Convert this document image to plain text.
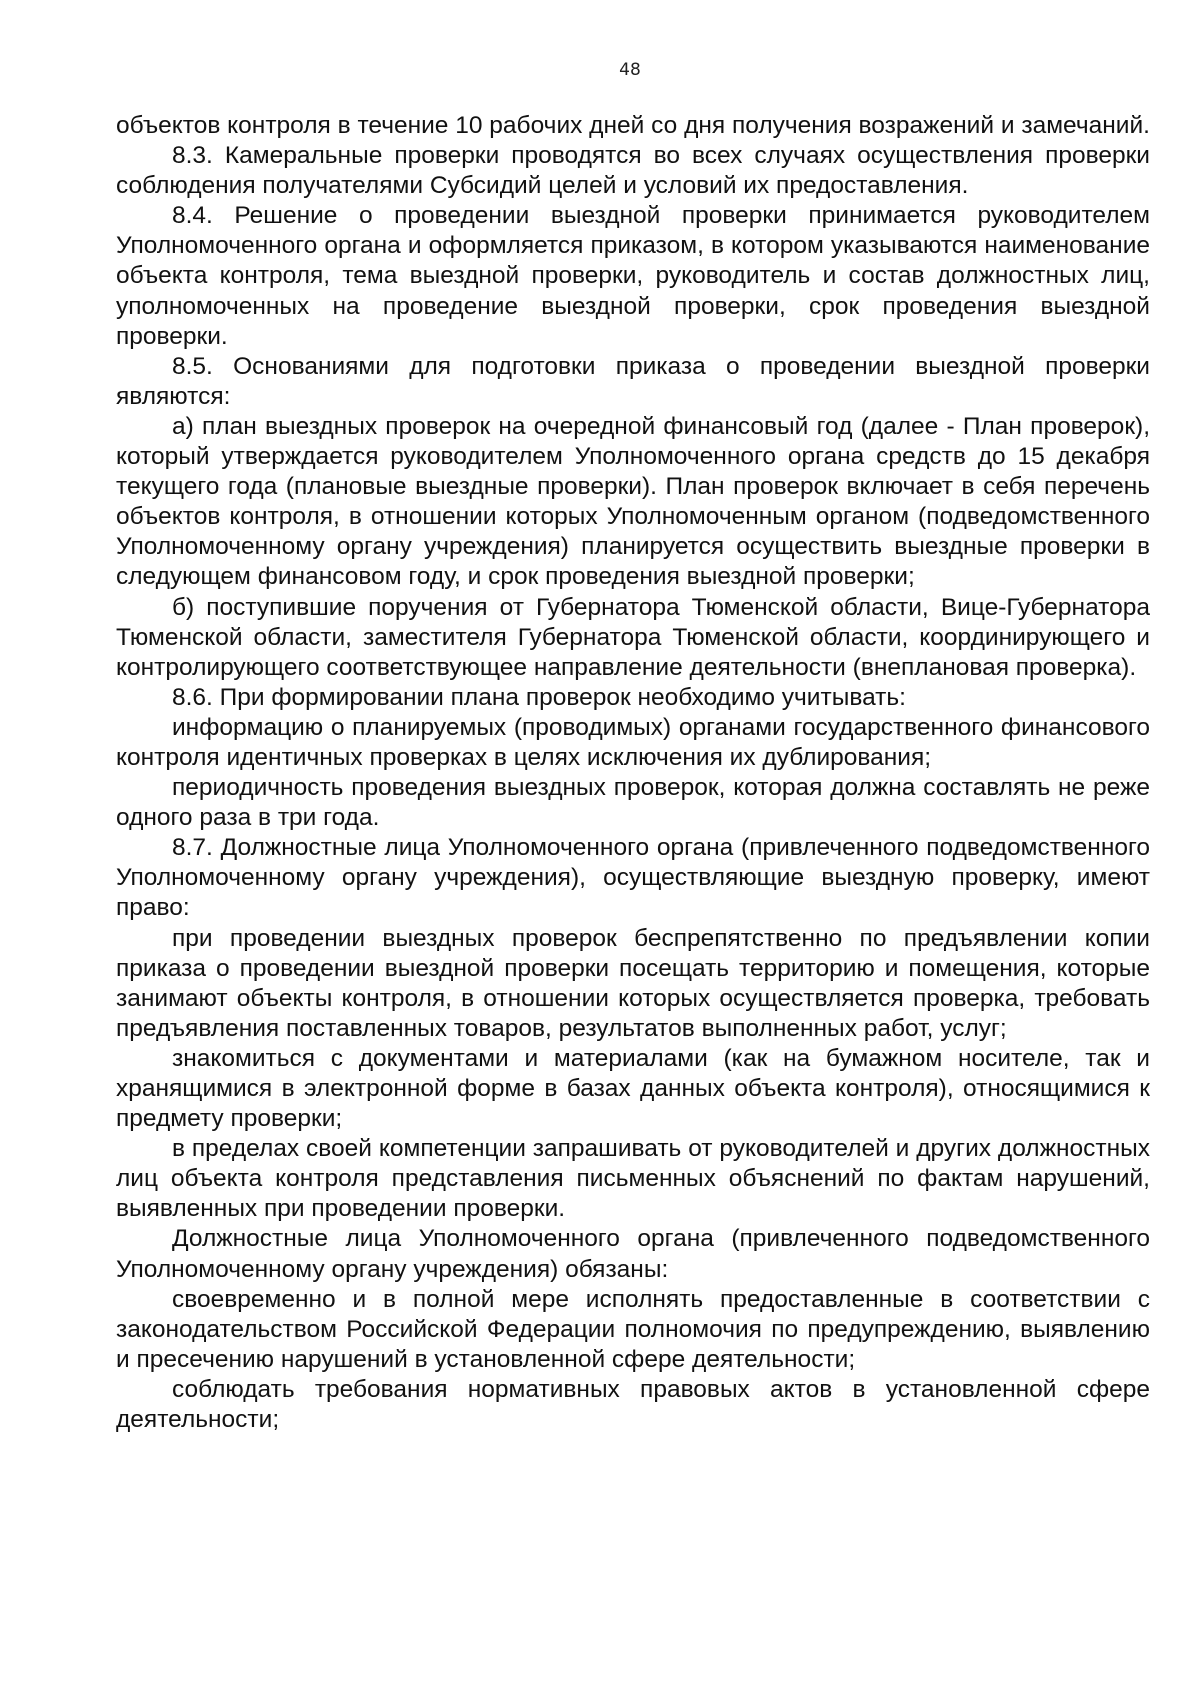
48

объектов контроля в течение 10 рабочих дней со дня получения возражений и замечаний.

8.3. Камеральные проверки проводятся во всех случаях осуществления проверки соблюдения получателями Субсидий целей и условий их предоставления.

8.4. Решение о проведении выездной проверки принимается руководителем Уполномоченного органа и оформляется приказом, в котором указываются наименование объекта контроля, тема выездной проверки, руководитель и состав должностных лиц, уполномоченных на проведение выездной проверки, срок проведения выездной проверки.

8.5. Основаниями для подготовки приказа о проведении выездной проверки являются:

а) план выездных проверок на очередной финансовый год (далее - План проверок), который утверждается руководителем Уполномоченного органа средств до 15 декабря текущего года (плановые выездные проверки). План проверок включает в себя перечень объектов контроля, в отношении которых Уполномоченным органом (подведомственного Уполномоченному органу учреждения) планируется осуществить выездные проверки в следующем финансовом году, и срок проведения выездной проверки;

б) поступившие поручения от Губернатора Тюменской области, Вице-Губернатора Тюменской области, заместителя Губернатора Тюменской области, координирующего и контролирующего соответствующее направление деятельности (внеплановая проверка).

8.6. При формировании плана проверок необходимо учитывать:

информацию о планируемых (проводимых) органами государственного финансового контроля идентичных проверках в целях исключения их дублирования;

периодичность проведения выездных проверок, которая должна составлять не реже одного раза в три года.

8.7. Должностные лица Уполномоченного органа (привлеченного подведомственного Уполномоченному органу учреждения), осуществляющие выездную проверку, имеют право:

при проведении выездных проверок беспрепятственно по предъявлении копии приказа о проведении выездной проверки посещать территорию и помещения, которые занимают объекты контроля, в отношении которых осуществляется проверка, требовать предъявления поставленных товаров, результатов выполненных работ, услуг;

знакомиться с документами и материалами (как на бумажном носителе, так и хранящимися в электронной форме в базах данных объекта контроля), относящимися к предмету проверки;

в пределах своей компетенции запрашивать от руководителей и других должностных лиц объекта контроля представления письменных объяснений по фактам нарушений, выявленных при проведении проверки.

Должностные лица Уполномоченного органа (привлеченного подведомственного Уполномоченному органу учреждения) обязаны:

своевременно и в полной мере исполнять предоставленные в соответствии с законодательством Российской Федерации полномочия по предупреждению, выявлению и пресечению нарушений в установленной сфере деятельности;

соблюдать требования нормативных правовых актов в установленной сфере деятельности;
